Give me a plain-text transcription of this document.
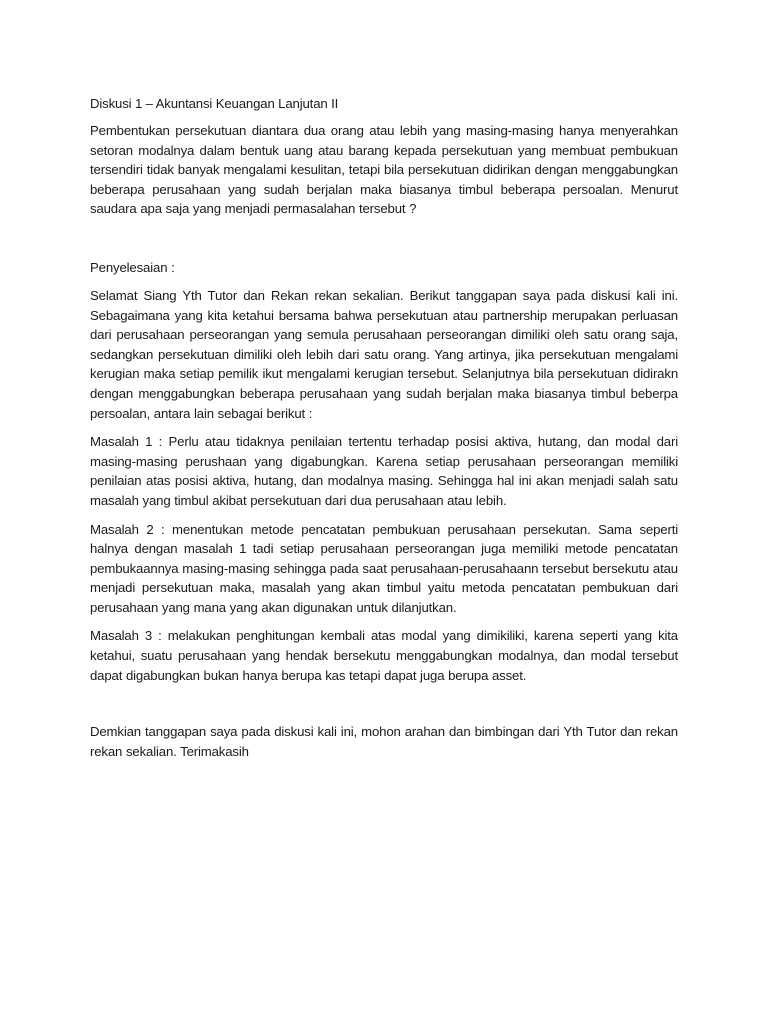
Diskusi 1 – Akuntansi Keuangan Lanjutan II

Pembentukan persekutuan diantara dua orang atau lebih yang masing-masing hanya menyerahkan setoran modalnya dalam bentuk uang atau barang kepada persekutuan yang membuat pembukuan tersendiri tidak banyak mengalami kesulitan, tetapi bila persekutuan didirikan dengan menggabungkan beberapa perusahaan yang sudah berjalan maka biasanya timbul beberapa persoalan. Menurut saudara apa saja yang menjadi permasalahan tersebut ?

Penyelesaian :

Selamat Siang Yth Tutor dan Rekan rekan sekalian. Berikut tanggapan saya pada diskusi kali ini. Sebagaimana yang kita ketahui bersama bahwa persekutuan atau partnership merupakan perluasan dari perusahaan perseorangan yang semula perusahaan perseorangan dimiliki oleh satu orang saja, sedangkan persekutuan dimiliki oleh lebih dari satu orang. Yang artinya, jika persekutuan mengalami kerugian maka setiap pemilik ikut mengalami kerugian tersebut. Selanjutnya bila persekutuan didirakn dengan menggabungkan beberapa perusahaan yang sudah berjalan maka biasanya timbul beberpa persoalan, antara lain sebagai berikut :

Masalah 1 : Perlu atau tidaknya penilaian tertentu terhadap posisi aktiva, hutang, dan modal dari masing-masing perushaan yang digabungkan. Karena setiap perusahaan perseorangan memiliki penilaian atas posisi aktiva, hutang, dan modalnya masing. Sehingga hal ini akan menjadi salah satu masalah yang timbul akibat persekutuan dari dua perusahaan atau lebih.

Masalah 2 : menentukan metode pencatatan pembukuan perusahaan persekutan. Sama seperti halnya dengan masalah 1 tadi setiap perusahaan perseorangan juga memiliki metode pencatatan pembukaannya masing-masing sehingga pada saat perusahaan-perusahaann tersebut bersekutu atau menjadi persekutuan maka, masalah yang akan timbul yaitu metoda pencatatan pembukuan dari perusahaan yang mana yang akan digunakan untuk dilanjutkan.

Masalah 3 : melakukan penghitungan kembali atas modal yang dimikiliki, karena seperti yang kita ketahui, suatu perusahaan yang hendak bersekutu menggabungkan modalnya, dan modal tersebut dapat digabungkan bukan hanya berupa kas tetapi dapat juga berupa asset.

Demkian tanggapan saya pada diskusi kali ini, mohon arahan dan bimbingan dari Yth Tutor dan rekan rekan sekalian. Terimakasih
